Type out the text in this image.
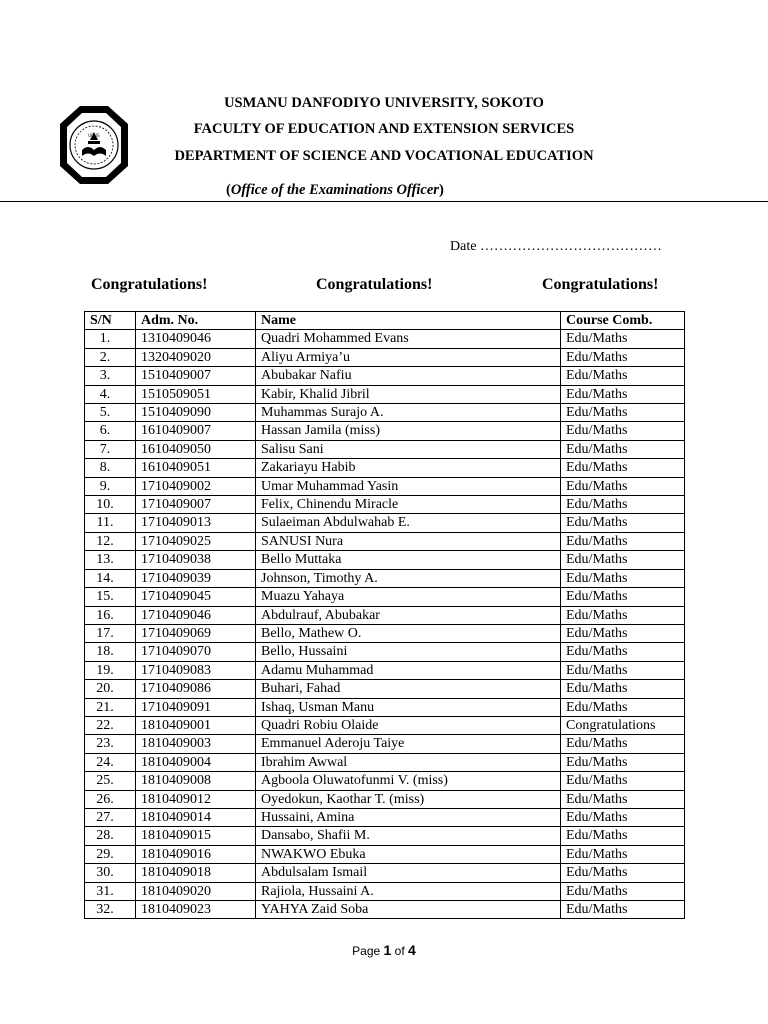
UDUS
USMANU DANFODIYO UNIVERSITY, SOKOTO
FACULTY OF EDUCATION AND EXTENSION SERVICES
DEPARTMENT OF SCIENCE AND VOCATIONAL EDUCATION
(Office of the Examinations Officer)
Date …………………………………
Congratulations!	Congratulations!	Congratulations!
S/N	Adm. No.	Name	Course Comb.
1.	1310409046	Quadri Mohammed Evans	Edu/Maths
2.	1320409020	Aliyu Armiya’u	Edu/Maths
3.	1510409007	Abubakar Nafiu	Edu/Maths
4.	1510509051	Kabir, Khalid Jibril	Edu/Maths
5.	1510409090	Muhammas Surajo A.	Edu/Maths
6.	1610409007	Hassan Jamila (miss)	Edu/Maths
7.	1610409050	Salisu Sani	Edu/Maths
8.	1610409051	Zakariayu Habib	Edu/Maths
9.	1710409002	Umar Muhammad Yasin	Edu/Maths
10.	1710409007	Felix, Chinendu Miracle	Edu/Maths
11.	1710409013	Sulaeiman Abdulwahab E.	Edu/Maths
12.	1710409025	SANUSI Nura	Edu/Maths
13.	1710409038	Bello Muttaka	Edu/Maths
14.	1710409039	Johnson, Timothy A.	Edu/Maths
15.	1710409045	Muazu Yahaya	Edu/Maths
16.	1710409046	Abdulrauf, Abubakar	Edu/Maths
17.	1710409069	Bello, Mathew O.	Edu/Maths
18.	1710409070	Bello, Hussaini	Edu/Maths
19.	1710409083	Adamu Muhammad	Edu/Maths
20.	1710409086	Buhari, Fahad	Edu/Maths
21.	1710409091	Ishaq, Usman Manu	Edu/Maths
22.	1810409001	Quadri Robiu Olaide	Congratulations
23.	1810409003	Emmanuel Aderoju Taiye	Edu/Maths
24.	1810409004	Ibrahim Awwal	Edu/Maths
25.	1810409008	Agboola Oluwatofunmi V. (miss)	Edu/Maths
26.	1810409012	Oyedokun, Kaothar T. (miss)	Edu/Maths
27.	1810409014	Hussaini, Amina	Edu/Maths
28.	1810409015	Dansabo, Shafii M.	Edu/Maths
29.	1810409016	NWAKWO Ebuka	Edu/Maths
30.	1810409018	Abdulsalam Ismail	Edu/Maths
31.	1810409020	Rajiola, Hussaini A.	Edu/Maths
32.	1810409023	YAHYA Zaid Soba	Edu/Maths
Page 1 of 4
